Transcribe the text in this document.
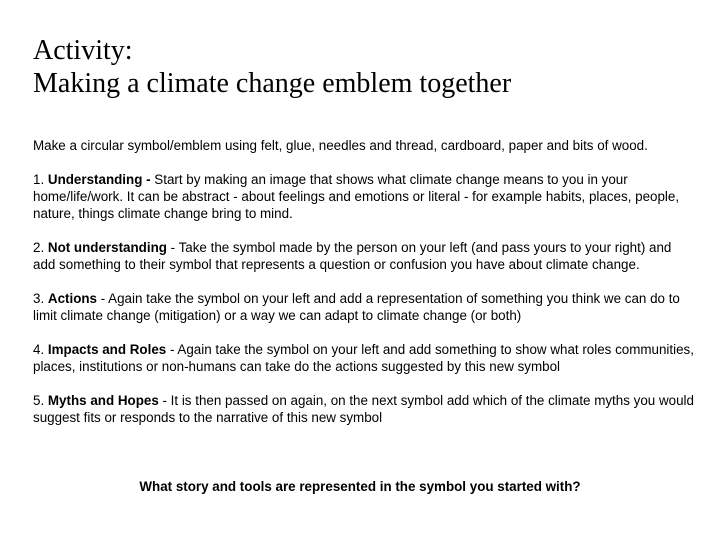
Activity:
Making a climate change emblem together

Make a circular symbol/emblem using felt, glue, needles and thread, cardboard, paper and bits of wood.

1. Understanding - Start by making an image that shows what climate change means to you in your home/life/work. It can be abstract - about feelings and emotions or literal - for example habits, places, people, nature, things climate change bring to mind.

2. Not understanding - Take the symbol made by the person on your left (and pass yours to your right) and add something to their symbol that represents a question or confusion you have about climate change.

3. Actions - Again take the symbol on your left and add a representation of something you think we can do to limit climate change (mitigation) or a way we can adapt to climate change (or both)

4. Impacts and Roles - Again take the symbol on your left and add something to show what roles communities, places, institutions or non-humans can take do the actions suggested by this new symbol

5. Myths and Hopes - It is then passed on again, on the next symbol add which of the climate myths you would suggest fits or responds to the narrative of this new symbol

What story and tools are represented in the symbol you started with?
